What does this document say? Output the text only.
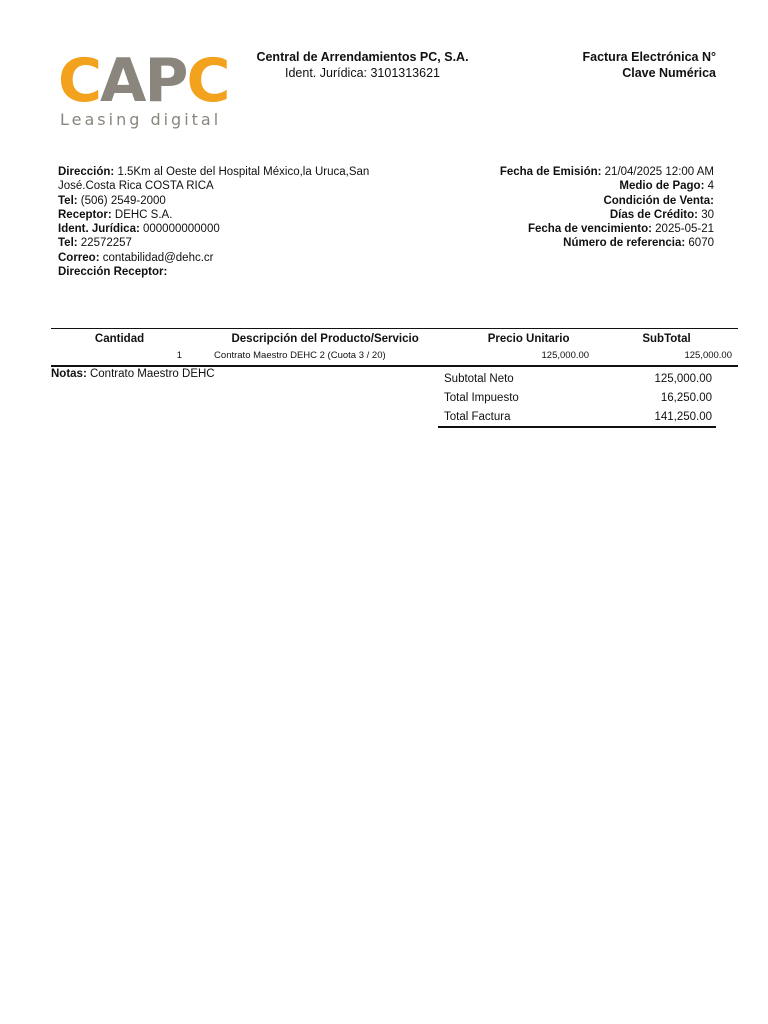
C A P C
Leasing digital
Central de Arrendamientos PC, S.A.
Ident. Jurídica: 3101313621
Factura Electrónica N°
Clave Numérica
Dirección: 1.5Km al Oeste del Hospital México,la Uruca,San José.Costa Rica COSTA RICA
Tel: (506) 2549-2000
Receptor: DEHC S.A.
Ident. Jurídica: 000000000000
Tel: 22572257
Correo: contabilidad@dehc.cr
Dirección Receptor:
Fecha de Emisión: 21/04/2025 12:00 AM
Medio de Pago: 4
Condición de Venta:
Días de Crédito: 30
Fecha de vencimiento: 2025-05-21
Número de referencia: 6070
Cantidad	Descripción del Producto/Servicio	Precio Unitario	SubTotal
1	Contrato Maestro DEHC 2 (Cuota 3 / 20)	125,000.00	125,000.00
Notas: Contrato Maestro DEHC	Subtotal Neto	125,000.00
Total Impuesto	16,250.00
Total Factura	141,250.00
